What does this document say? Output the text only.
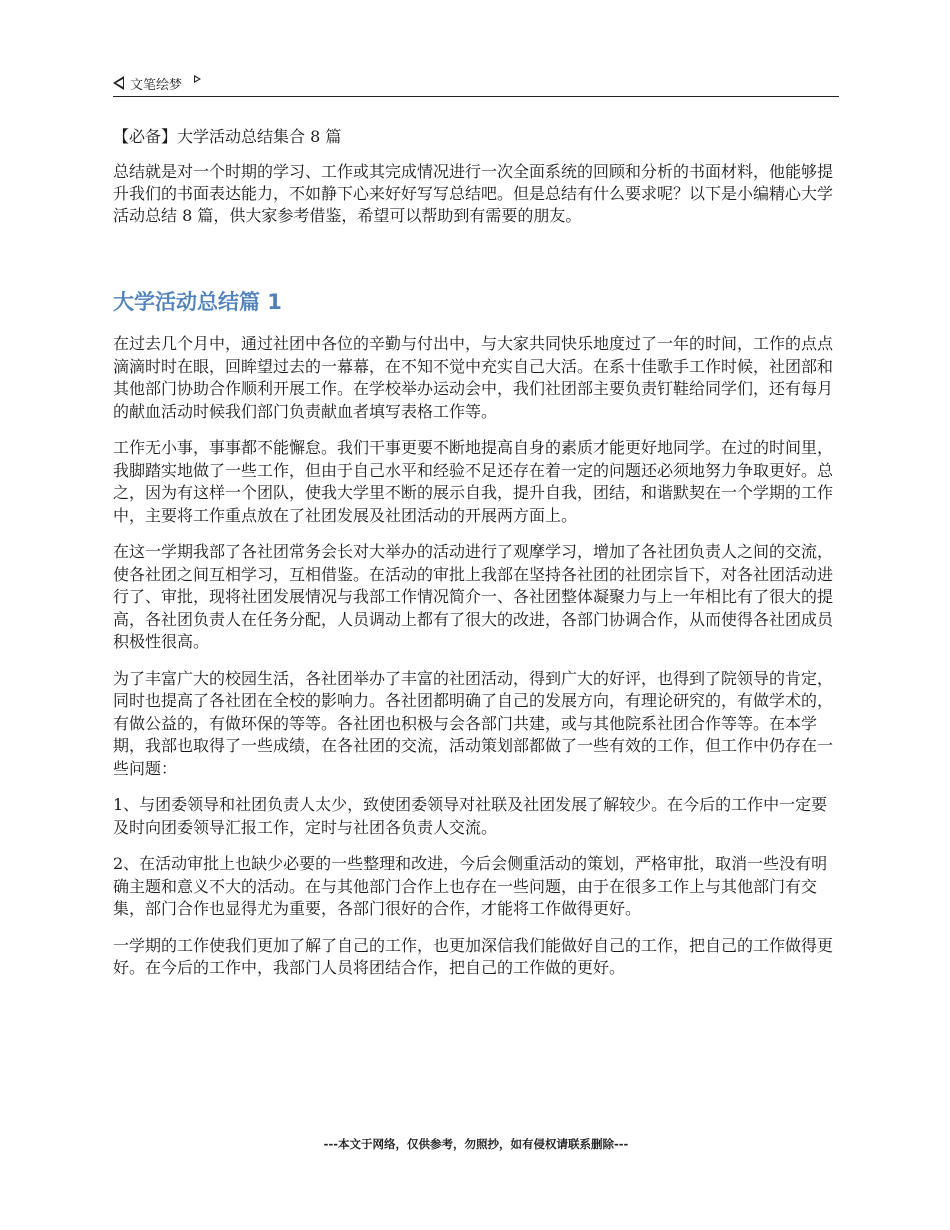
文笔绘梦

【必备】大学活动总结集合 8 篇

总结就是对一个时期的学习、工作或其完成情况进行一次全面系统的回顾和分析的书面材料，他能够提升我们的书面表达能力，不如静下心来好好写写总结吧。但是总结有什么要求呢？以下是小编精心大学活动总结 8 篇，供大家参考借鉴，希望可以帮助到有需要的朋友。

大学活动总结篇 1

在过去几个月中，通过社团中各位的辛勤与付出中，与大家共同快乐地度过了一年的时间，工作的点点滴滴时时在眼，回眸望过去的一幕幕，在不知不觉中充实自己大活。在系十佳歌手工作时候，社团部和其他部门协助合作顺利开展工作。在学校举办运动会中，我们社团部主要负责钉鞋给同学们，还有每月的献血活动时候我们部门负责献血者填写表格工作等。

工作无小事，事事都不能懈怠。我们干事更要不断地提高自身的素质才能更好地同学。在过的时间里，我脚踏实地做了一些工作，但由于自己水平和经验不足还存在着一定的问题还必须地努力争取更好。总之，因为有这样一个团队，使我大学里不断的展示自我，提升自我，团结，和谐默契在一个学期的工作中，主要将工作重点放在了社团发展及社团活动的开展两方面上。

在这一学期我部了各社团常务会长对大举办的活动进行了观摩学习，增加了各社团负责人之间的交流，使各社团之间互相学习，互相借鉴。在活动的审批上我部在坚持各社团的社团宗旨下，对各社团活动进行了、审批，现将社团发展情况与我部工作情况简介一、各社团整体凝聚力与上一年相比有了很大的提高，各社团负责人在任务分配，人员调动上都有了很大的改进，各部门协调合作，从而使得各社团成员积极性很高。

为了丰富广大的校园生活，各社团举办了丰富的社团活动，得到广大的好评，也得到了院领导的肯定，同时也提高了各社团在全校的影响力。各社团都明确了自己的发展方向，有理论研究的，有做学术的，有做公益的，有做环保的等等。各社团也积极与会各部门共建，或与其他院系社团合作等等。在本学期，我部也取得了一些成绩，在各社团的交流，活动策划部都做了一些有效的工作，但工作中仍存在一些问题：

1、与团委领导和社团负责人太少，致使团委领导对社联及社团发展了解较少。在今后的工作中一定要及时向团委领导汇报工作，定时与社团各负责人交流。

2、在活动审批上也缺少必要的一些整理和改进，今后会侧重活动的策划，严格审批，取消一些没有明确主题和意义不大的活动。在与其他部门合作上也存在一些问题，由于在很多工作上与其他部门有交集，部门合作也显得尤为重要，各部门很好的合作，才能将工作做得更好。

一学期的工作使我们更加了解了自己的工作，也更加深信我们能做好自己的工作，把自己的工作做得更好。在今后的工作中，我部门人员将团结合作，把自己的工作做的更好。

---本文于网络，仅供参考，勿照抄，如有侵权请联系删除---
